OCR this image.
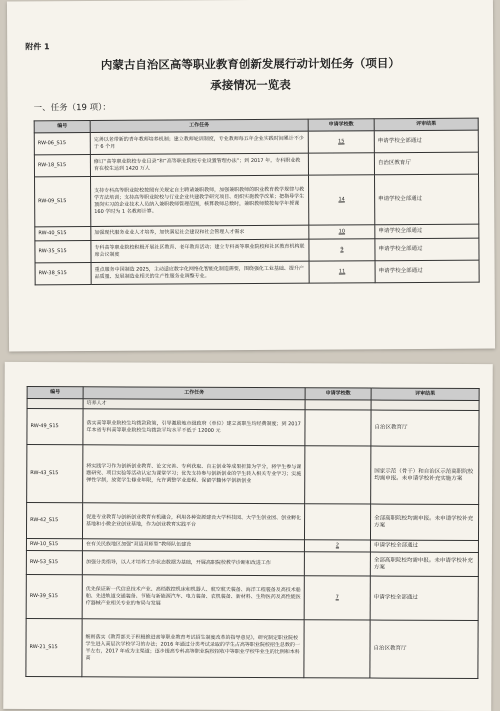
附件 1
内蒙古自治区高等职业教育创新发展行动计划任务（项目）
承接情况一览表
一、任务（19 项）：
编号	工作任务	申请学校数	评审结果
RW-06_S15	完善以老带新的青年教师培养机制；建立教师轮训制度，专业教师每五年企业实践时间累计不少于 6 个月	15	申请学校全部通过
RW-18_S15	修订“高等职业院校专业目录”和“高等职业院校专业设置管理办法”；到 2017 年，专科职业教育在校生达到 1420 万人		自治区教育厅
RW-09_S15	支持专科高等职业院校按照有关规定自主聘请兼职教师，加强兼职教师的职业教育教学规律与教学方法培训；支持高等职业院校与行业企业共建教学研究项目、组织实施教学改革；把指导学生顶岗实习的企业技术人员纳入兼职教师管理范围，核算教师总数时，兼职教师数按每学年授课 160 学时为 1 名教师计算。	14	申请学校全部通过
RW-40_S15	加强现代服务业业人才培养，加快满足社会建设和社会管理人才需求	10	申请学校全部通过
RW-35_S15	专科高等职业院校积极开展社区教育、老年教育活动；建立专科高等职业院校和社区教育机构联席会议制度	9	申请学校全部通过
RW-38_S15	重点服务中国制造 2025，主动适应数字化网络化智能化制造需要，围绕强化工业基础、提升产品质量、发展制造业相关的生产性服务业调整专业。	11	申请学校全部通过
编号	工作任务	申请学校数	评审结果
	培养人才		
RW-49_S15	落实高等职业院校生均拨款政策，引导激励地市级政府（单位）建立高职生均经费制度；到 2017 年本省专科高等职业院校生均拨款平均水平不低于 12000 元		自治区教育厅
RW-43_S15	将实践学习作为创新创业教育、论文完善、专利获取、自主创业等成果折算为学分，将学生参与课题研究、项目实验等活动认定为课堂学习；优先支持参与创新创业的学生转入相关专业学习；实施弹性学制，放宽学生修业年限，允许调整学业进程、保留学籍休学创新创业		国家示范（骨干）和自治区示范高职院校均需申报。未申请学校补充实施方案
RW-42_S15	促进专业教育与创新创业教育有机融合，利用各种资源建设大学科技园、大学生创业园、创业孵化基地和小微企业创业基地，作为创业教育实践平台		全部高职院校均需申报。未申请学校补充方案
RW-10_S15	在有关民族地区加强“双语双师型”教师队伍建设	2	申请学校全部通过
RW-53_S15	加强分类指导，以人才培养工作状态数据为基础，开展高职院校教学诊断和改进工作		全部高职院校均需申报。未申请学校补充方案
RW-39_S15	优先保证新一代信息技术产业、高档数控机床和机器人、航空航天装备、海洋工程装备及高技术船舶、先进轨道交通装备、节能与新能源汽车、电力装备、农机装备、新材料、生物医药及高性能医疗器械产业相关专业的布局与发展	7	申请学校全部通过
RW-21_S15	细则落实《教育部关于积极推进高等职业教育考试招生制度改革的指导意见》，研究制定职业院校学生进入高层次学校学习的办法；2016 年通过分类考试录取的学生占高等职业院校招生总数的一半左右，2017 年成为主渠道；逐步提高专科高等职业院校招收中等职业学校毕业生的比例和本科高		自治区教育厅
